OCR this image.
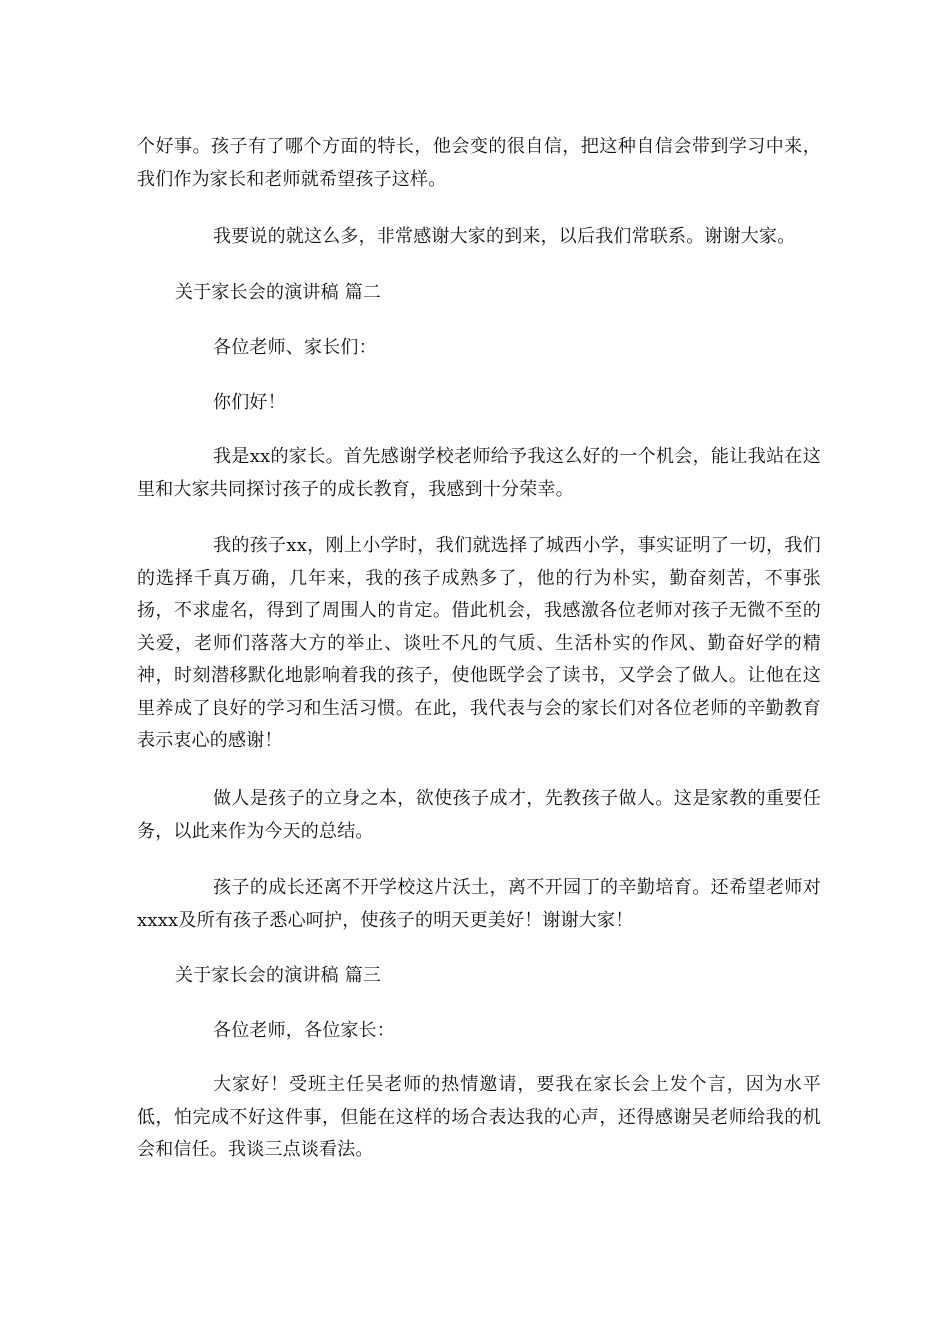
个好事。孩子有了哪个方面的特长，他会变的很自信，把这种自信会带到学习中来，我们作为家长和老师就希望孩子这样。

我要说的就这么多，非常感谢大家的到来，以后我们常联系。谢谢大家。

关于家长会的演讲稿 篇二

各位老师、家长们：

你们好！

我是xx的家长。首先感谢学校老师给予我这么好的一个机会，能让我站在这里和大家共同探讨孩子的成长教育，我感到十分荣幸。

我的孩子xx，刚上小学时，我们就选择了城西小学，事实证明了一切，我们的选择千真万确，几年来，我的孩子成熟多了，他的行为朴实，勤奋刻苦，不事张扬，不求虚名，得到了周围人的肯定。借此机会，我感激各位老师对孩子无微不至的关爱，老师们落落大方的举止、谈吐不凡的气质、生活朴实的作风、勤奋好学的精神，时刻潜移默化地影响着我的孩子，使他既学会了读书，又学会了做人。让他在这里养成了良好的学习和生活习惯。在此，我代表与会的家长们对各位老师的辛勤教育表示衷心的感谢！

做人是孩子的立身之本，欲使孩子成才，先教孩子做人。这是家教的重要任务，以此来作为今天的总结。

孩子的成长还离不开学校这片沃土，离不开园丁的辛勤培育。还希望老师对xxxx及所有孩子悉心呵护，使孩子的明天更美好！谢谢大家！

关于家长会的演讲稿 篇三

各位老师，各位家长：

大家好！受班主任吴老师的热情邀请，要我在家长会上发个言，因为水平低，怕完成不好这件事，但能在这样的场合表达我的心声，还得感谢吴老师给我的机会和信任。我谈三点谈看法。
